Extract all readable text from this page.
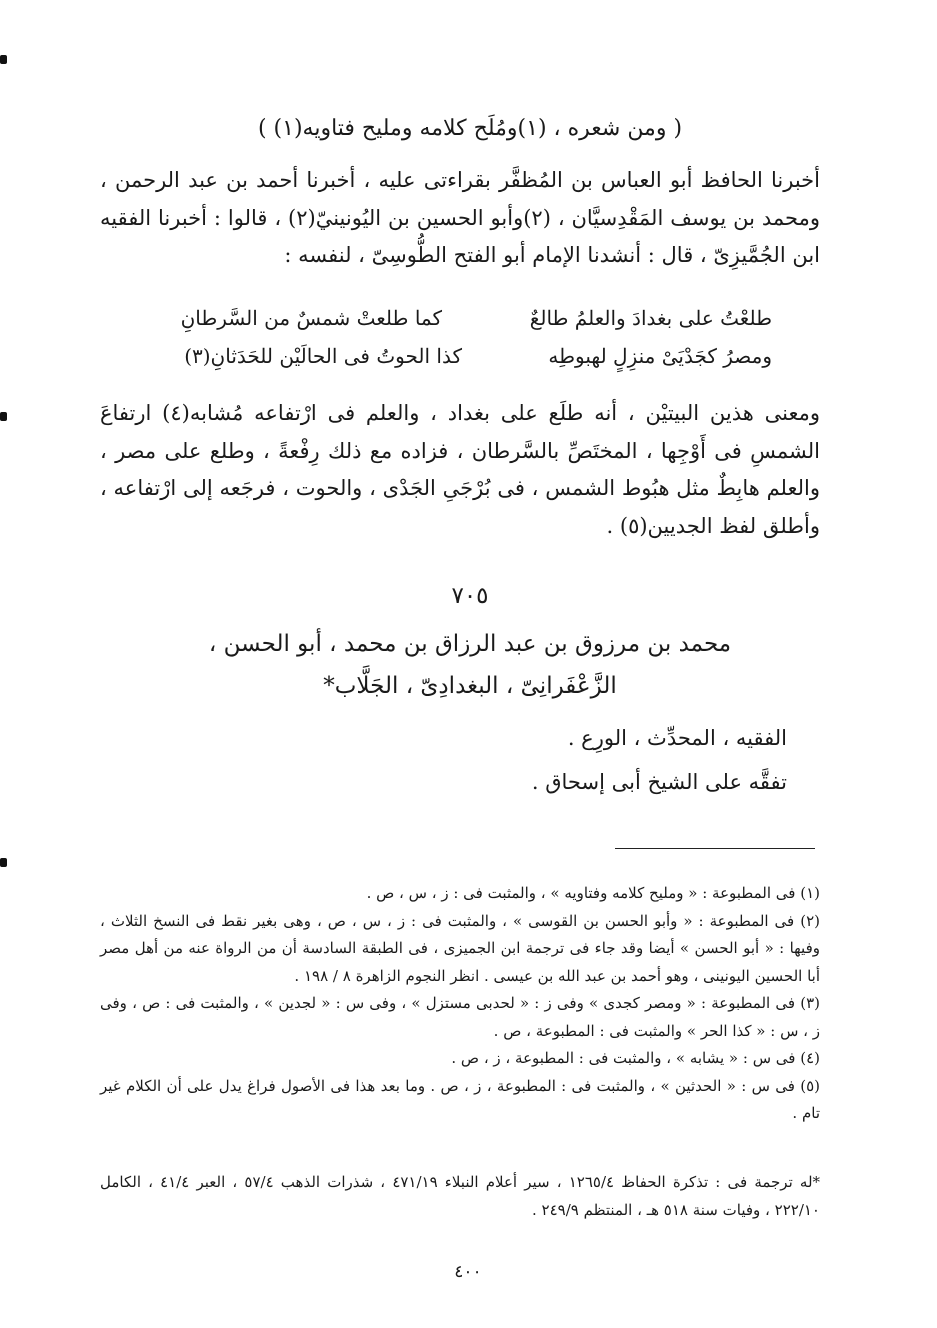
( ومن شعره ، (١)ومُلَح كلامه ومليح فتاويه(١) )

أخبرنا الحافظ أبو العباس بن المُظفَّر بقراءتى عليه ، أخبرنا أحمد بن عبد الرحمن ، ومحمد بن يوسف المَقْدِسيَّان ، (٢)وأبو الحسين بن اليُونينيّ(٢) ، قالوا : أخبرنا الفقيه ابن الجُمَّيزِىّ ، قال : أنشدنا الإمام أبو الفتح الطُّوسِىّ ، لنفسه :

طلعْتُ على بغدادَ والعلمُ طالعٌ
كما طلعتْ شمسٌ من السَّرطانِ
ومصرُ كجَدْيَىْ منزِلٍ لهبوطِه
كذا الحوتُ فى الحالَيْن للحَدَثانِ(٣)

ومعنى هذين البيتيْن ، أنه طلَع على بغداد ، والعلم فى ارْتفاعه مُشابه(٤) ارتفاعَ الشمسِ فى أَوْجِها ، المختَصِّ بالسَّرطان ، فزاده مع ذلك رِفْعةً ، وطلع على مصر ، والعلم هابِطٌ مثل هبُوط الشمس ، فى بُرْجَىِ الجَدْى ، والحوت ، فرجَعه إلى ارْتفاعه ، وأطلق لفظ الجديين(٥) .

٧٠٥
محمد بن مرزوق بن عبد الرزاق بن محمد ، أبو الحسن ،
الزَّعْفَرانِىّ ، البغدادِىّ ، الجَلَّاب*
الفقيه ، المحدِّث ، الورِع .
تفقَّه على الشيخ أبى إسحاق .

(١) فى المطبوعة : « ومليح كلامه وفتاويه » ، والمثبت فى : ز ، س ، ص .

(٢) فى المطبوعة : « وأبو الحسن بن القوسى » ، والمثبت فى : ز ، س ، ص ، وهى بغير نقط فى النسخ الثلاث ، وفيها : « أبو الحسن » أيضا وقد جاء فى ترجمة ابن الجميزى ، فى الطبقة السادسة أن من الرواة عنه من أهل مصر أبا الحسين اليونينى ، وهو أحمد بن عبد الله بن عيسى . انظر النجوم الزاهرة ٨ / ١٩٨ .

(٣) فى المطبوعة : « ومصر كجدى » وفى ز : « لحدبى مستزل » ، وفى س : « لجدين » ، والمثبت فى : ص ، وفى ز ، س : « كذا الحر » والمثبت فى : المطبوعة ، ص .

(٤) فى س : « يشابه » ، والمثبت فى : المطبوعة ، ز ، ص .

(٥) فى س : « الحدثين » ، والمثبت فى : المطبوعة ، ز ، ص . وما بعد هذا فى الأصول فراغ يدل على أن الكلام غير تام .

*له ترجمة فى : تذكرة الحفاظ ١٢٦٥/٤ ، سير أعلام النبلاء ٤٧١/١٩ ، شذرات الذهب ٥٧/٤ ، العبر ٤١/٤ ، الكامل ٢٢٢/١٠ ، وفيات سنة ٥١٨ هـ ، المنتظم ٢٤٩/٩ .
٤٠٠
